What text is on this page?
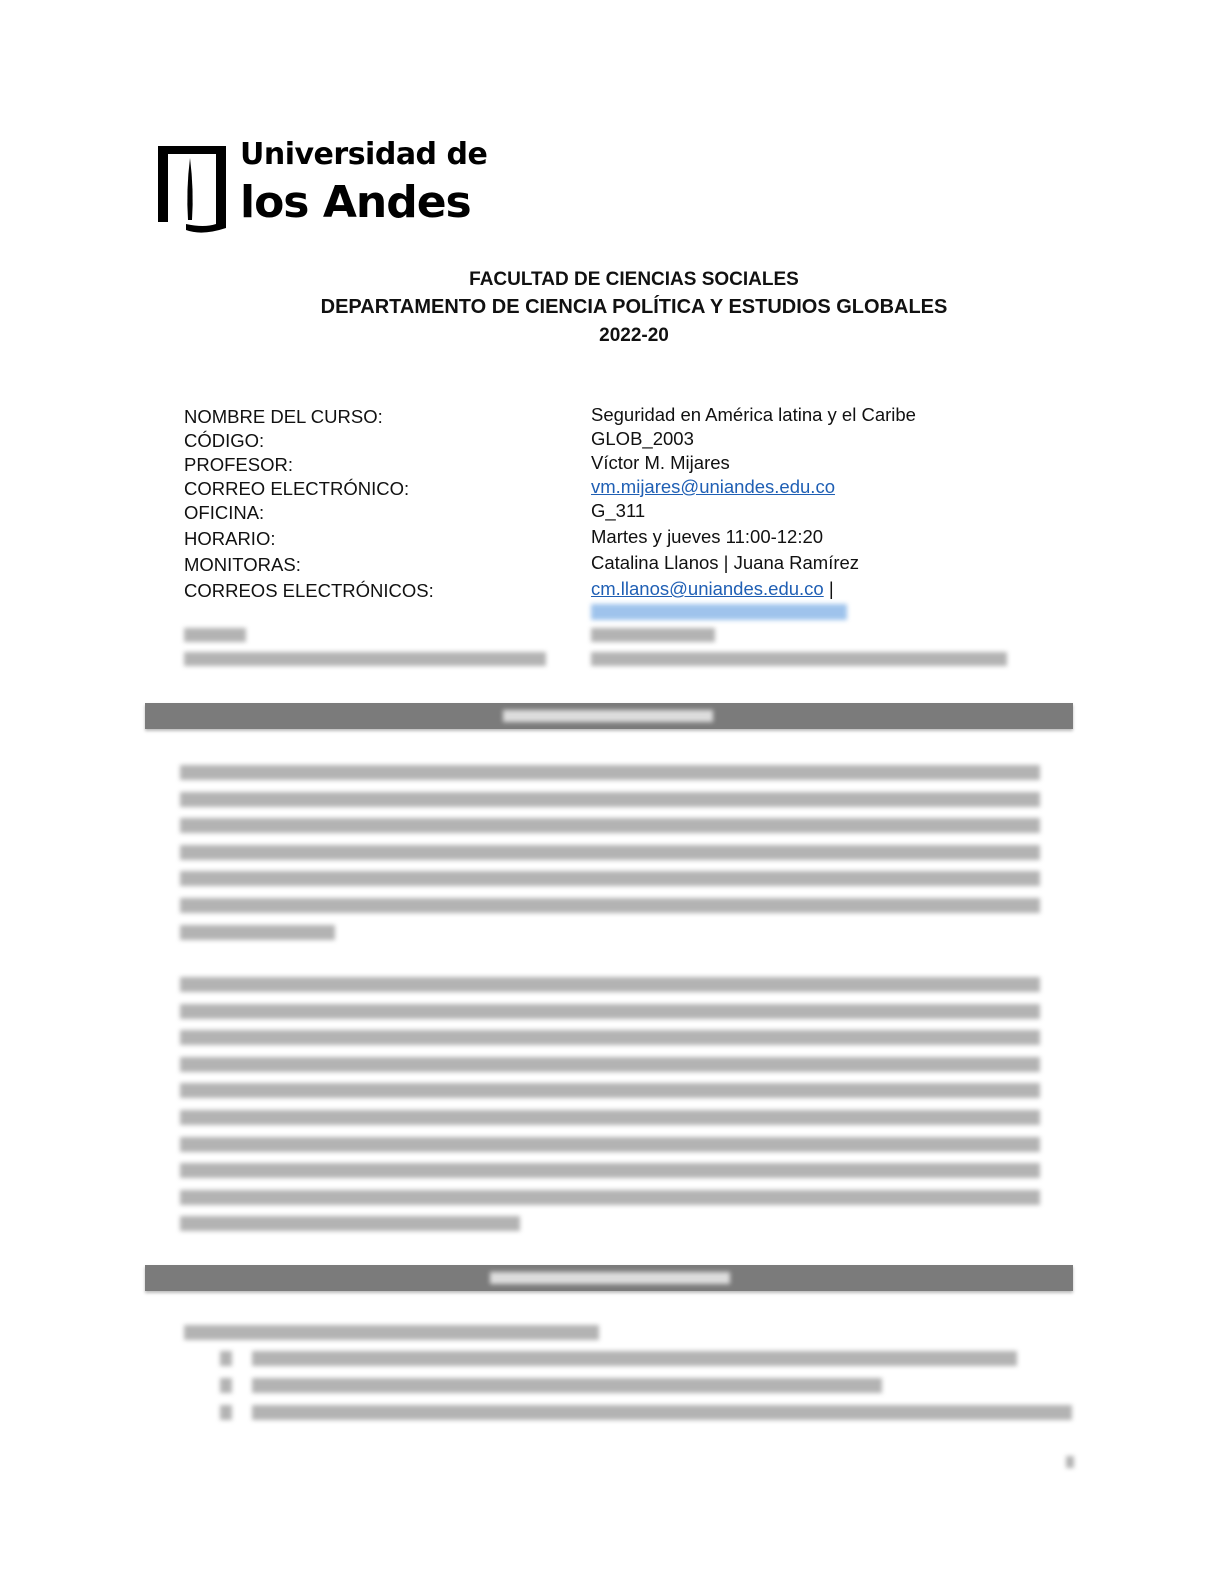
Universidad de
los Andes
FACULTAD DE CIENCIAS SOCIALES
DEPARTAMENTO DE CIENCIA POLÍTICA Y ESTUDIOS GLOBALES
2022-20
NOMBRE DEL CURSO:	Seguridad en América latina y el Caribe
CÓDIGO:	GLOB_2003
PROFESOR:	Víctor M. Mijares
CORREO ELECTRÓNICO:	vm.mijares@uniandes.edu.co
OFICINA:	G_311
HORARIO:	Martes y jueves 11:00-12:20
MONITORAS:	Catalina Llanos | Juana Ramírez
CORREOS ELECTRÓNICOS:	cm.llanos@uniandes.edu.co |
